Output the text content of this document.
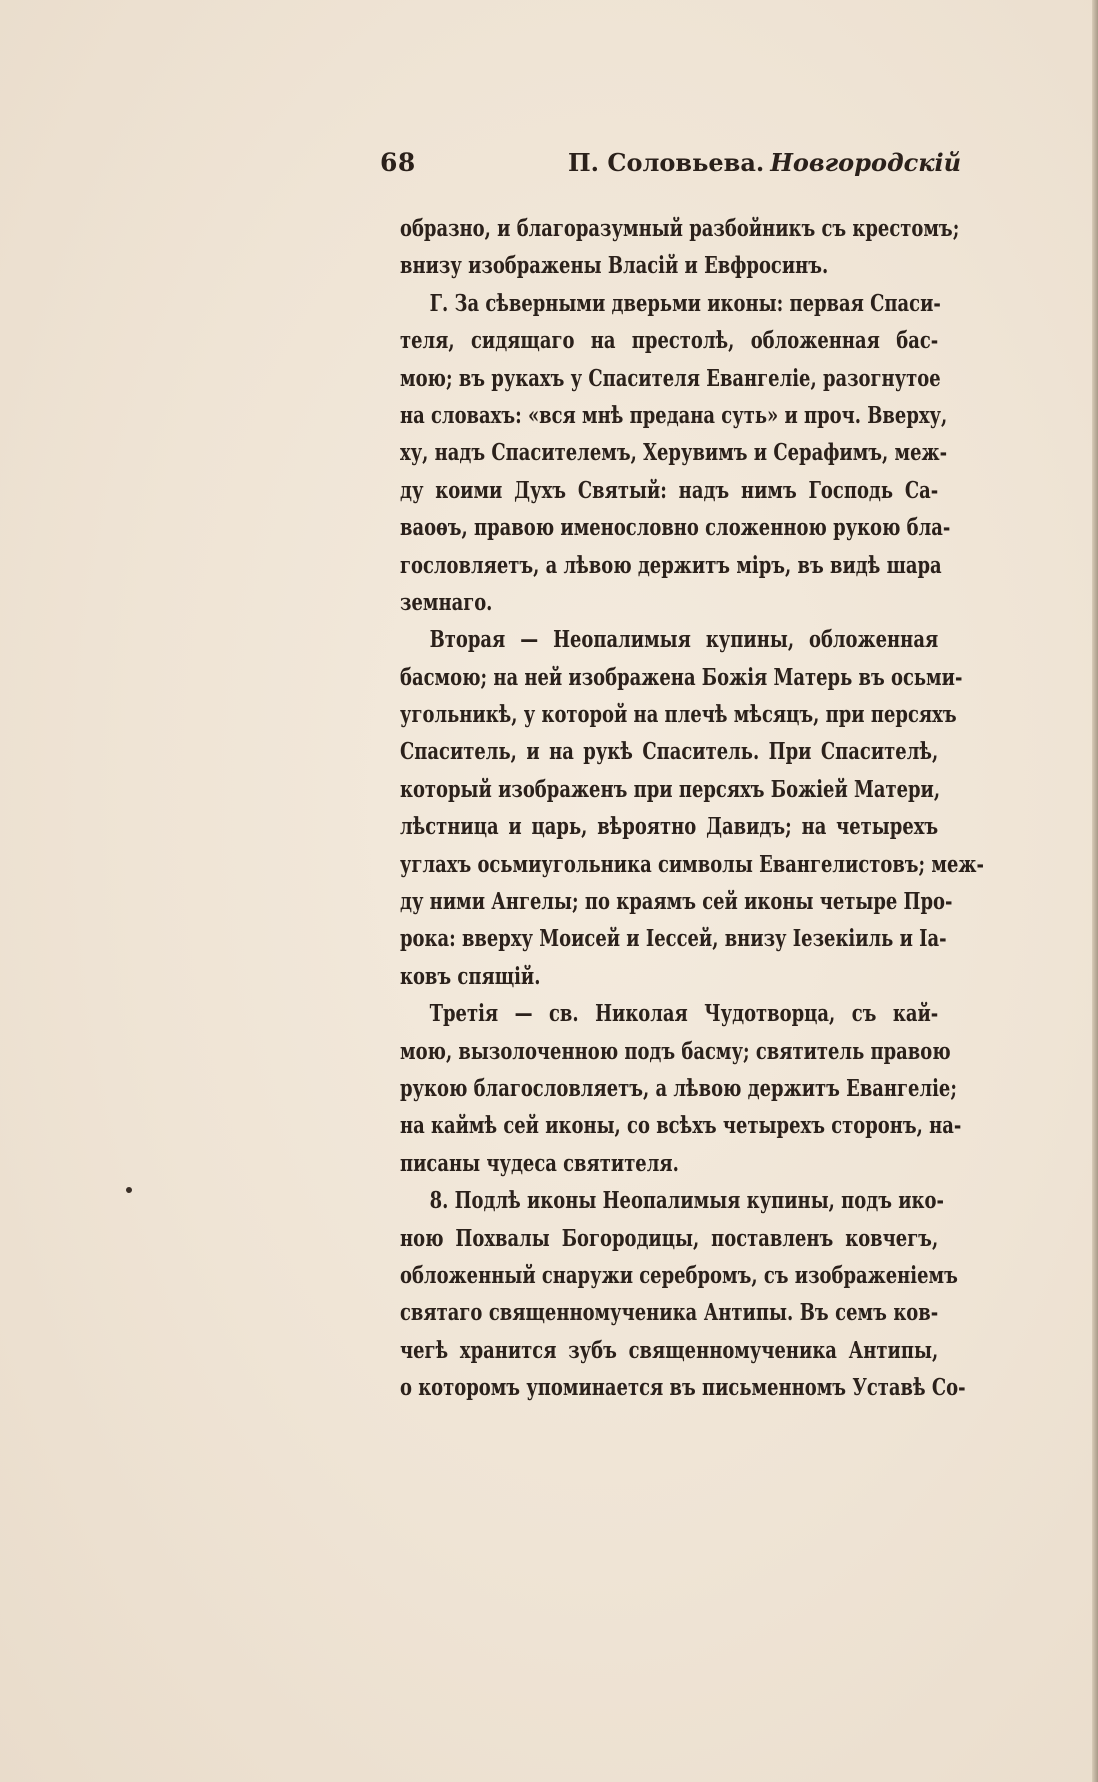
68	П. Соловьева. Новгородскій
образно, и благоразумный разбойникъ съ крестомъ;
внизу изображены Власій и Евфросинъ.
Г. За сѣверными дверьми иконы: первая Спаси-
теля, сидящаго на престолѣ, обложенная бас-
мою; въ рукахъ у Спасителя Евангеліе, разогнутое
на словахъ: «вся мнѣ предана суть» и проч. Вверху,
ху, надъ Спасителемъ, Херувимъ и Серафимъ, меж-
ду коими Духъ Святый: надъ нимъ Господь Са-
ваоѳъ, правою именословно сложенною рукою бла-
гословляетъ, а лѣвою держитъ міръ, въ видѣ шара
земнаго.
Вторая — Неопалимыя купины, обложенная
басмою; на ней изображена Божія Матерь въ осьми-
угольникѣ, у которой на плечѣ мѣсяцъ, при персяхъ
Спаситель, и на рукѣ Спаситель. При Спасителѣ,
который изображенъ при персяхъ Божіей Матери,
лѣстница и царь, вѣроятно Давидъ; на четырехъ
углахъ осьмиугольника символы Евангелистовъ; меж-
ду ними Ангелы; по краямъ сей иконы четыре Про-
рока: вверху Моисей и Іессей, внизу Іезекіиль и Іа-
ковъ спящій.
Третія — св. Николая Чудотворца, съ кай-
мою, вызолоченною подъ басму; святитель правою
рукою благословляетъ, а лѣвою держитъ Евангеліе;
на каймѣ сей иконы, со всѣхъ четырехъ сторонъ, на-
писаны чудеса святителя.
8. Подлѣ иконы Неопалимыя купины, подъ ико-
ною Похвалы Богородицы, поставленъ ковчегъ,
обложенный снаружи серебромъ, съ изображеніемъ
святаго священномученика Антипы. Въ семъ ков-
чегѣ хранится зубъ священномученика Антипы,
о которомъ упоминается въ письменномъ Уставѣ Со-
